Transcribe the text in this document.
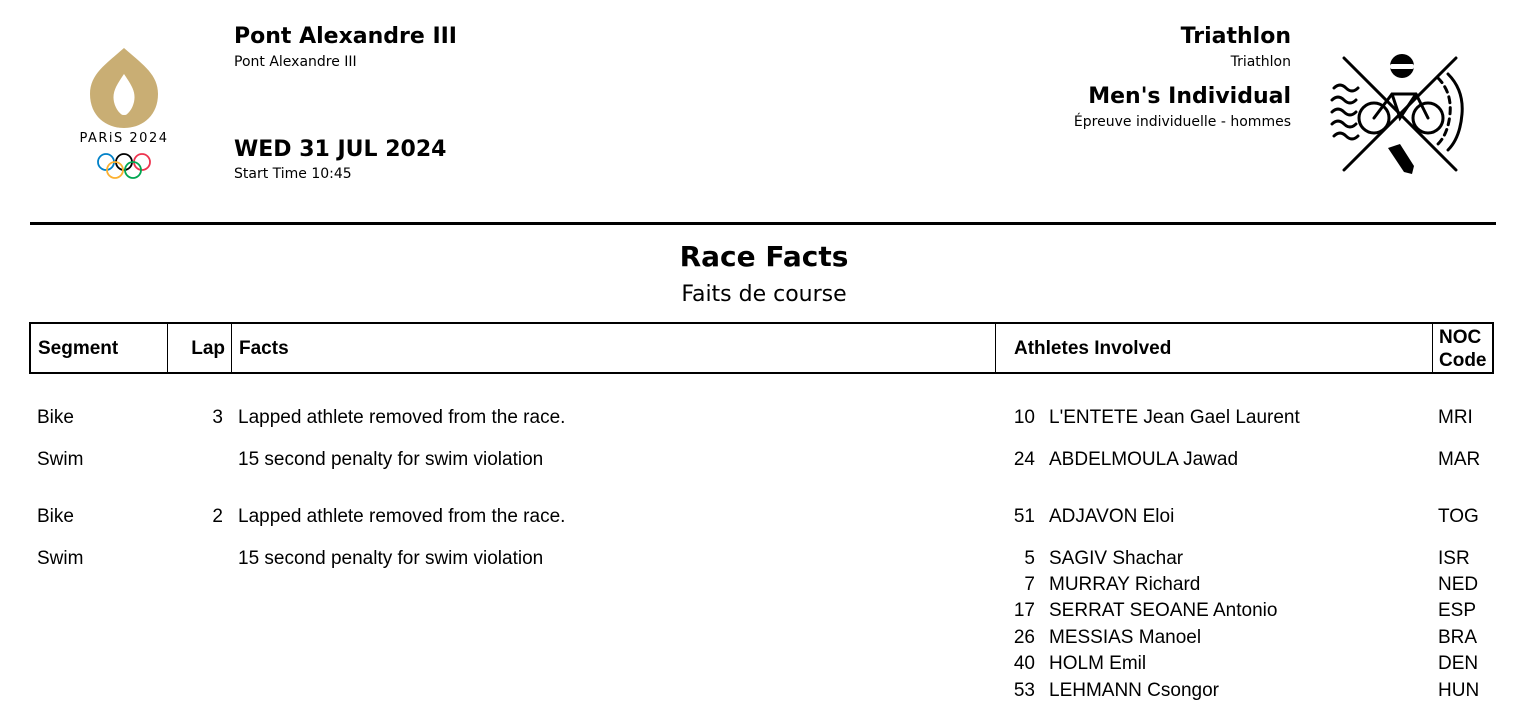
PARiS 2024
Pont Alexandre III
Pont Alexandre III
WED 31 JUL 2024
Start Time 10:45
Triathlon
Triathlon
Men's Individual
Épreuve individuelle - hommes
Race Facts
Faits de course
Segment	Lap Facts	Athletes Involved
NOC
Code
Bike	3 Lapped athlete removed from the race.	10 L'ENTETE Jean Gael Laurent	MRI
Swim	15 second penalty for swim violation	24 ABDELMOULA Jawad	MAR
Bike	2 Lapped athlete removed from the race.	51 ADJAVON Eloi	TOG
Swim	15 second penalty for swim violation	5 SAGIV Shachar	ISR
7 MURRAY Richard	NED
17 SERRAT SEOANE Antonio	ESP
26 MESSIAS Manoel	BRA
40 HOLM Emil	DEN
53 LEHMANN Csongor	HUN
